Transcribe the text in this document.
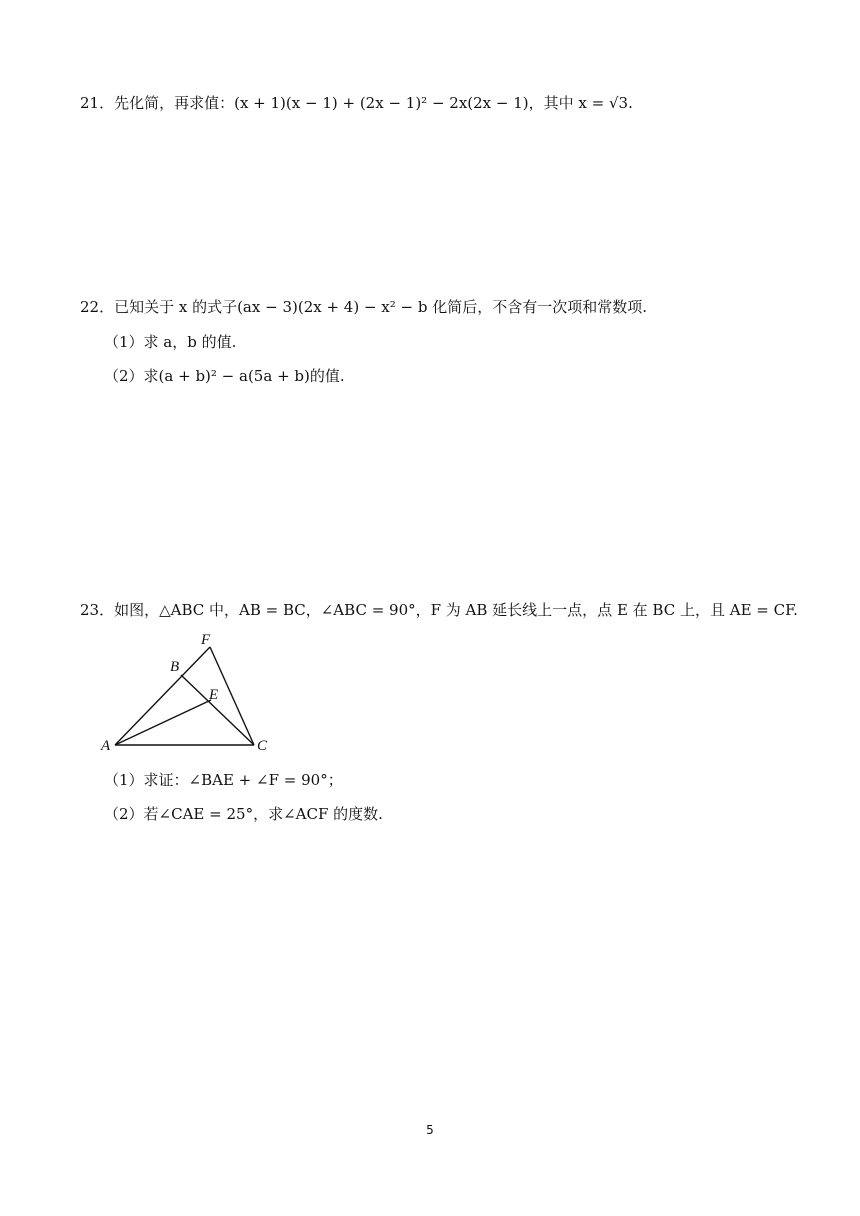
21．先化简，再求值：(x + 1)(x − 1) + (2x − 1)² − 2x(2x − 1)，其中 x = √3.
22．已知关于 x 的式子(ax − 3)(2x + 4) − x² − b 化简后，不含有一次项和常数项.
（1）求 a，b 的值.
（2）求(a + b)² − a(5a + b)的值.
23．如图，△ABC 中，AB = BC，∠ABC = 90°，F 为 AB 延长线上一点，点 E 在 BC 上，且 AE = CF.
F
B
E
A	C
（1）求证：∠BAE + ∠F = 90°；
（2）若∠CAE = 25°，求∠ACF 的度数.
5
